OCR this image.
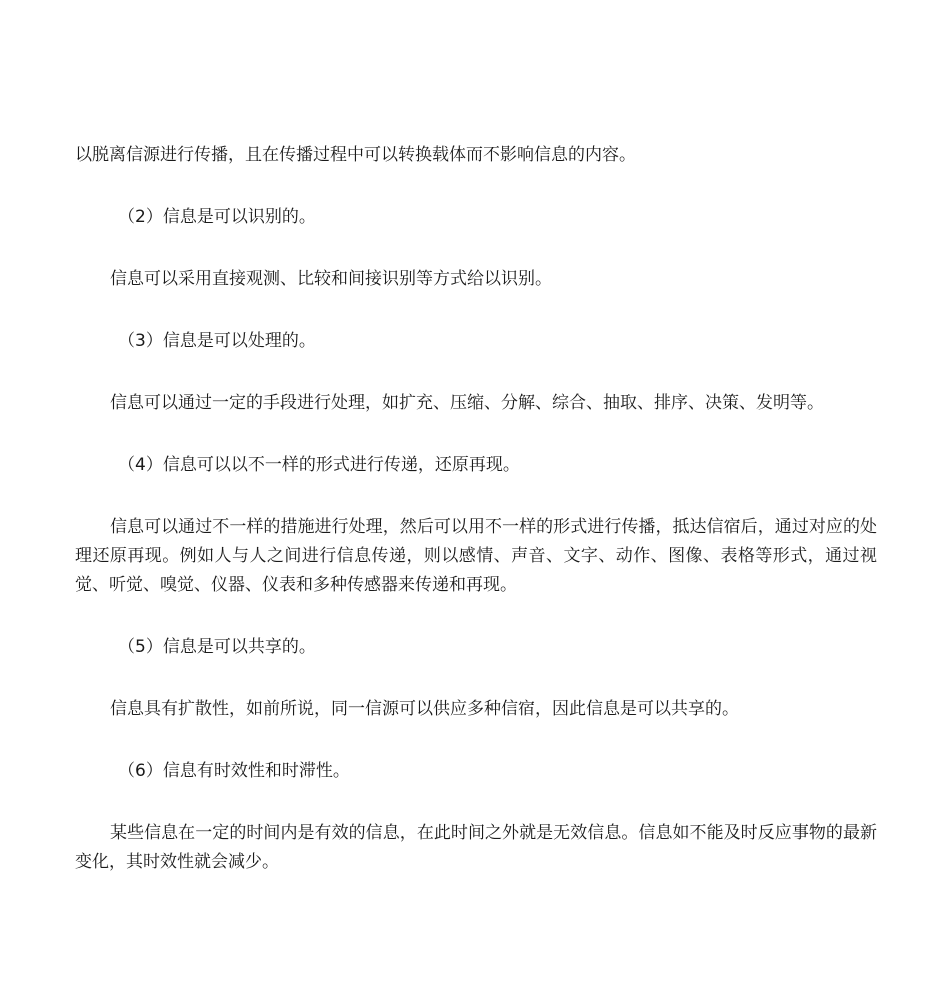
以脱离信源进行传播，且在传播过程中可以转换载体而不影响信息的内容。

（2）信息是可以识别的。

信息可以采用直接观测、比较和间接识别等方式给以识别。

（3）信息是可以处理的。

信息可以通过一定的手段进行处理，如扩充、压缩、分解、综合、抽取、排序、决策、发明等。

（4）信息可以以不一样的形式进行传递，还原再现。

信息可以通过不一样的措施进行处理，然后可以用不一样的形式进行传播，抵达信宿后，通过对应的处理还原再现。例如人与人之间进行信息传递，则以感情、声音、文字、动作、图像、表格等形式，通过视觉、听觉、嗅觉、仪器、仪表和多种传感器来传递和再现。

（5）信息是可以共享的。

信息具有扩散性，如前所说，同一信源可以供应多种信宿，因此信息是可以共享的。

（6）信息有时效性和时滞性。

某些信息在一定的时间内是有效的信息，在此时间之外就是无效信息。信息如不能及时反应事物的最新变化，其时效性就会减少。
